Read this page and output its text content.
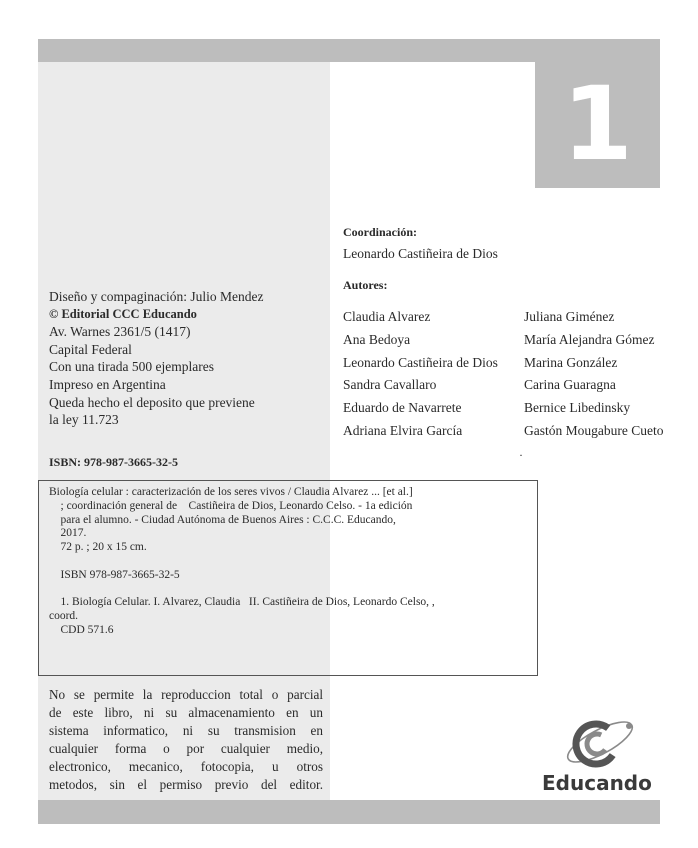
1
Coordinación:
Leonardo Castiñeira de Dios
Autores:
Claudia Alvarez
Ana Bedoya
Leonardo Castiñeira de Dios
Sandra Cavallaro
Eduardo de Navarrete
Adriana Elvira García
Juliana Giménez
María Alejandra Gómez
Marina González
Carina Guaragna
Bernice Libedinsky
Gastón Mougabure Cueto
Diseño y compaginación: Julio Mendez
© Editorial CCC Educando
Av. Warnes 2361/5 (1417)
Capital Federal
Con una tirada 500 ejemplares
Impreso en Argentina
Queda hecho el deposito que previene
la ley 11.723
ISBN: 978-987-3665-32-5	·
Biología celular : caracterización de los seres vivos / Claudia Alvarez ... [et al.]
; coordinación general de    Castiñeira de Dios, Leonardo Celso. - 1a edición
para el alumno. - Ciudad Autónoma de Buenos Aires : C.C.C. Educando,
2017.
72 p. ; 20 x 15 cm.
ISBN 978-987-3665-32-5
1. Biología Celular. I. Alvarez, Claudia   II. Castiñeira de Dios, Leonardo Celso, ,
coord.
CDD 571.6
No se permite la reproduccion total o parcial
de este libro, ni su almacenamiento en un
sistema informatico, ni su transmision en
cualquier forma o por cualquier medio,
electronico, mecanico, fotocopia, u otros
metodos, sin el permiso previo del editor.	Educando
